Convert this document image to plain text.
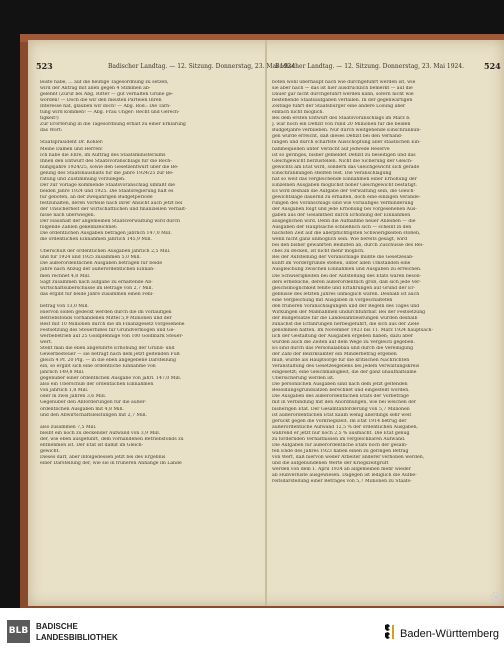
523	Badischer Landtag. — 12. Sitzung. Donnerstag, 23. Mai 1924.	524
Badischer Landtag. — 12. Sitzung. Donnerstag, 23. Mai 1924.

leiste habe, ... auf die heutige Tagesordnung zu setzen,

wird der Antrag mit allen gegen 4 Stimmen ab-

gelehnt (Zuruf bei Abg. Ritter — gut verhalten Grüne ge-

worden! — Doch die wir den meisten Parteien Ihren

Interesse hat, glauben wir doch! — Abg. Rod.: Die Tarn-

tung wird kommen! — Abg. Frau Unger: Recht und Gerech-

tigkeit!)

Zur Erörterung in die Tagesordnung erhält zu einer Erklärung

das Wort:

Staatspräsident Dr. Köhler:

Meine Damen und Herren!

Ich habe die Ehre, im Auftrag des Staatsministeriums

Ihnen den Entwurf des Staatsvoranschlags für die Rech-

nungsjahre 1924/25, sowie den Gesetzentwurf über die Be-

gelung des Staatshaushalts für die Jahre 1924/25 zur Be-

ratung und Zustimmung vorzulegen.

Der zur Vorlage kommende Staatsvoranschlag umfaßt die

beiden Jahre 1924 und 1925. Die Staatsregierung hält es

für geboten, an der zweijährigen Budgetperiode

festzuhalten, deren Vorteile nach ihrer Ansicht auch jetzt bei

der Unsicherheit der wirtschaftlichen und finanziellen Verhält-

nisse nach überwiegen.

Der Haushalt der allgemeinen Staatsverwaltung wird durch

folgende Zahlen gekennzeichnet:

Die ordentlichen Ausgaben betragen jährlich 147,0 Mill.

die ordentlichen Einnahmen jährlich 145,9 Mill.

Überschuß der ordentlichen Ausgaben jährlich 2,5 Mill.

und für 1924 und 1925 zusammen 5,0 Mill.

Die außerordentlichen Ausgaben betragen für beide

Jahre nach Abzug der außerordentlichen Einnah-

men rechnet 4,8 Mill.

Sagt zusammen nach aufgabe zu erhaltende Ab-

wirtschaftsüberschüsse im Betrage von 2,7 Mill.

das ergibt für beide Jahre zusammen einen Fehl-

betrag von 13,0 Mill.

Hiervon sollen gedeckt werden durch die im vorläufigen

Betriebsfonds vorhandenen Mittel 5,9 Millionen und der

Rest mit 10 Millionen durch die im Finanzgesetz vorgesehene

Festsetzung des Steuerfußes für Grundvermögen und Ge-

werbebetrieb auf 25 Goldpfennige von 100 Goldmark Steuer-

wert.

Stellt man die eben angeführte Erhöhung der Grund- und

Gewerbesteuer — sie beträgt nach dem jetzt geltenden Fuß

gleich 4 Pf. 20 Pfg. — in die eben angegebene Darstellung

ein, so ergibt sich eine ordentliche Einnahme von

jährlich 149,8 Mill.

gegenüber einer ordentlichen Ausgabe von jährl. 147,0 Mill.

also ein Überschuß der ordentlichen Einnahmen

von jährlich 1,8 Mill.

oder in zwei Jahren 3,6 Mill.

Gegenüber den Anforderungen für die außer-

ordentlichen Ausgaben mit 4,8 Mill.

und den Abwirtschaftsleistungen mit 2,7 Mill.

also zusammen 7,5 Mill.

bleibt ein noch zu deckender Aufwand von 3,9 Mill.

der, wie eben ausgeführt, dem vorhandenen Betriebsfonds zu

entnehmen ist. Der Etat ist damit im Gleich-

gewicht.

Dieses darf, aber infolgedessen jetzt bei des Ergebnis

einer Darstellung der, wie sie in früheren Anhänge im Lande

boten wohl überhaupt nach wie durchgeführt werden ist, wie

sie aber nach — das ist hier ausdrücklich bemerkt — auf die

Dauer gar nicht durchgeführt werden kann, sofern nicht wie

bestehende Staatsaufgaben verfallen. In der gegenwärtigen

Zeitlage führt der Staatsbürger eine andere Lösung aber

einfach nicht möglich.

Bei dem ersten Entwurf des Staatsvoranschlags im März b.

J. war noch ein Defizit von rund 20 Millionen für die beiden

Budgetjahre verblieben. Nur durch weitgehende Einschränkun-

gen wurde erreicht, daß dieses Defizit bei den Verhand-

lungen und durch schärfste Ausschöpfung aller staatlichen Ein-

nahmequellen unter Verzicht auf jedwede Reserve

ist so geringes, bisher gemeldet Defizit zu beseitigen und das

Gleichgewicht herzustellen. Nicht die Sicherung der Gleich-

gewichts am Etat wird, sondern das Gleichgewicht sich gerade

Einschränkungen stellten fest. Die Veranschlagung

hat so weit das vergleichende Einnahmen einer Erhöhung der

Einzelnen Ausgaben möglichst hoher Gleichgewicht bestätigt.

Es wird deshalb die Aufgabe der Verwaltung sein, die Gleich-

gewichtslage dauernd zu erhalten, doch eine einzigen Verände-

rungen des Voranschlags sind wie vorläufiges Verminderung

der Ausgaben folgt und jede Erhöhung bei vorgesehenen Aus-

gaben aus der Gesamtheit durch Erhöhung der Einnahmen

ausgeglichen wird. Denn die Aufnahme neuer Anleihen — die

Ausgaben der Hauptsache schließlich sich — scheint in den

nächsten Zeit auf die allerpflichtigsten Schwierigkeiten stoßen,

wenn nicht ganz unmöglich sein. Wie bereits gesagt, wird

bei den bisher gewährten Beihilfen ab, durch Zuschüsse des Rei-

ches zu decken, ist nicht mehr möglich.

Bei der Aufstellung der Voranschläge mußte die Gesetzesab-

kunft im Vordergrunde stehen, unter allen Umständen eine

Ausgleichung zwischen Einnahmen und Ausgaben zu erreichen.

Die Schwierigkeiten bei der Aufstellung des Etats waren beson-

ders erhebliche, deren außerordentlich groß, daß sich jede Ver-

gleichsmöglichkeit fehlte und Erfahrungen auf Grund der Er-

gebnisse des letzten Jahres unmöglich waren. Deshalb ist auch

eine Vergleichung mit Ausgaben in vorgeschalteten

den früheren Voranschlagungen und der Regeln des Tages und

Wirkungen der Maßnahmen undurchführbar. Bei der Festsetzung

der Budgetsätze für die Landesamtleistungen wurden deshalb

zunächst die Erfahrungen herbeigeführt, die sich aus der Ziele

genommen hatten. Im November 1923 bis 11. März 1924 hauptsäch-

lich der Gestaltung der Ausgaben ergeben haben; dazu aber

wurden auch die Zeiten auf dem Wege zu Vergleich gegeben.

Es sind durch das Personalabbau und durch die Vereinigung

der Zahl der Bezirksämter ein Minderbetrag ergeben

muß, wurde als Hauptsorge für die kritischen Nachrichten

Veranstaltung des Gesetzesgebens bei jedem Verwaltungskreis

eingesetzt; eine Gleichmäßigkeit, die der ganz unaufhaltsame

Übersicherung werden ist.

Die persönlichen Ausgaben sind nach dem jetzt geltenden

Besoldungsgrundsätzen berechnet und eingestellt worden.

Die Ausgaben des außerordentlichen Etats der Vorbetrage

mit in Verbindung mit den Anordnungen, wie bei welchen der

bisherigen Etat. Der Gesamtanforderung von 5,7 Millionen

ist außerordentlichen Etat kaum wenig allerdings sehr weit

gerückt gegen die Vorkriegszeit. Im Etat 1914 betrug der

außerordentliche Aufwand 12,5 % der ordentlichen Ausgaben,

während er jetzt nur noch 2,5 % ausmacht. Die Etat genug

zu fördernden Verhältnissen im vergleichbaren Aufwand.

Die Aufgaben für außerordentliche Etats noch der gesam-

ten Ende des Jahres 1923 haben einen zu geringen Betrag

von Wert, daß hiervon weder Arbeiter anderer verhoben werden,

und die aufgebundenen Werte der Kriegszeitgruft

werden von dem 1. April 1924 ab allgemeinen mehr wieder

ab Hubverluste ausgewiesen. Dagegen ist lediglich die Aufbe-

reitsdarstellung einer Betrages von 5,7 Millionen zu Staats-

BLB BADISCHE
LANDESBIBLIOTHEK	Baden-Württemberg
